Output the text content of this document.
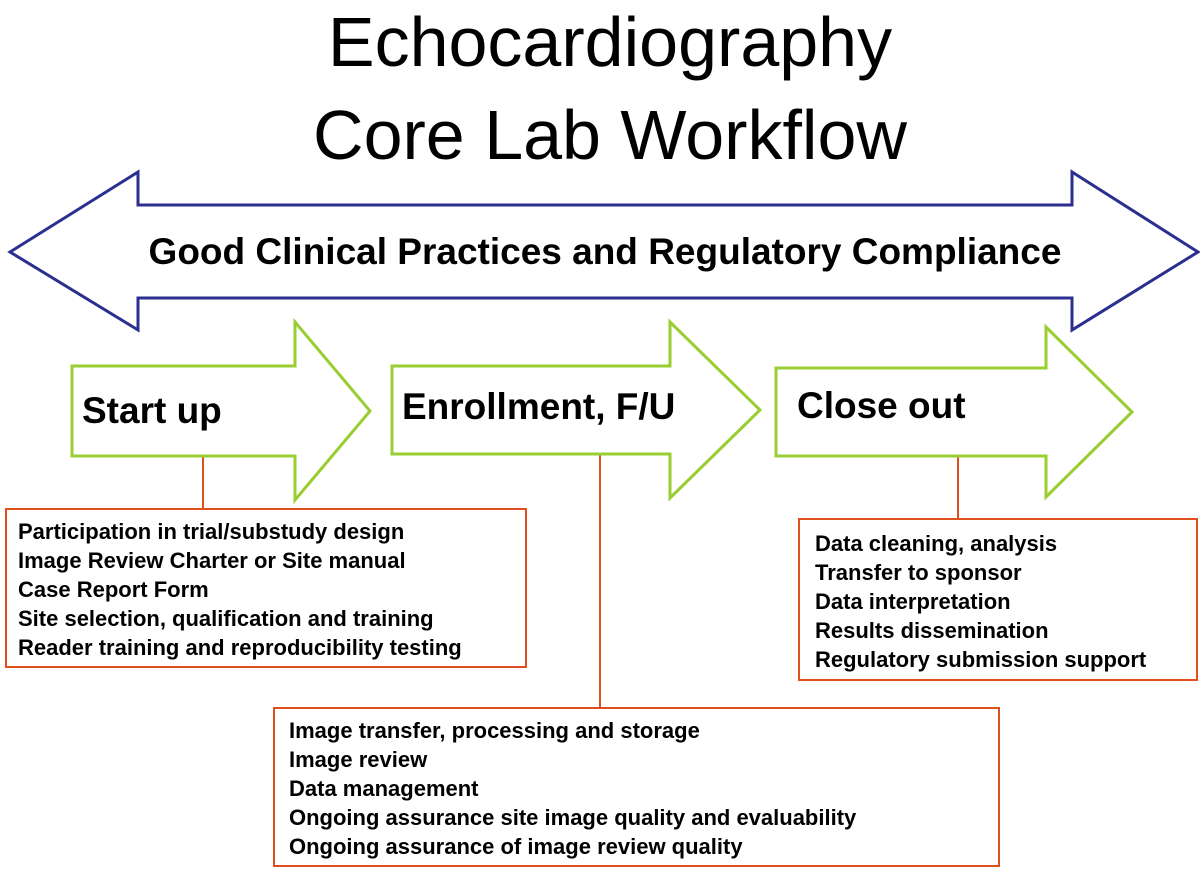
Echocardiography
Core Lab Workflow
Good Clinical Practices and Regulatory Compliance
Start up	Enrollment, F/U	Close out
Participation in trial/substudy design
Image Review Charter or Site manual
Case Report Form
Site selection, qualification and training
Reader training and reproducibility testing
Image transfer, processing and storage
Image review
Data management
Ongoing assurance site image quality and evaluability
Ongoing assurance of image review quality
Data cleaning, analysis
Transfer to sponsor
Data interpretation
Results dissemination
Regulatory submission support
